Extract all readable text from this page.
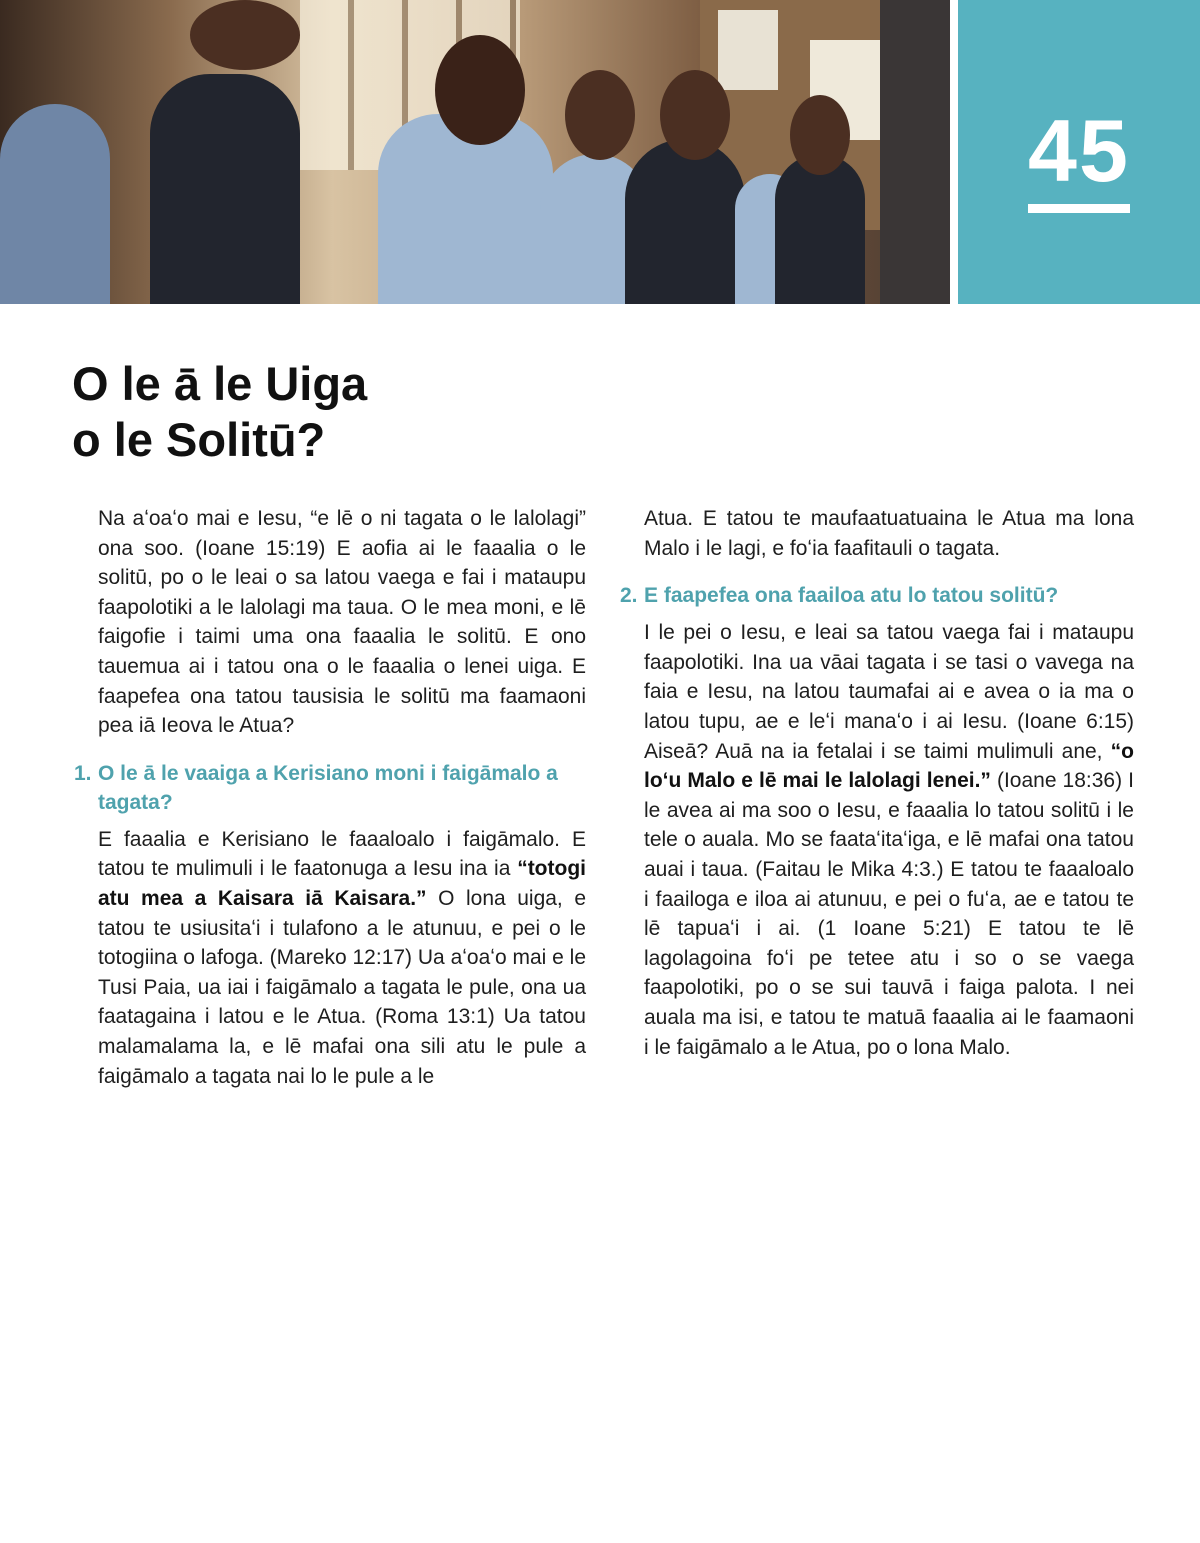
45
O le ā le Uiga
o le Solitū?

Na aʻoaʻo mai e Iesu, “e lē o ni tagata o le lalolagi” ona soo. (Ioane 15:19) E aofia ai le faaalia o le solitū, po o le leai o sa latou vaega e fai i mataupu faapolotiki a le lalolagi ma taua. O le mea moni, e lē faigofie i taimi uma ona faaalia le solitū. E ono tauemua ai i tatou ona o le faaalia o lenei uiga. E faapefea ona tatou tausisia le solitū ma faamaoni pea iā Ieova le Atua?

1. O le ā le vaaiga a Kerisiano moni i faigāmalo a tagata?

E faaalia e Kerisiano le faaaloalo i faigāmalo. E tatou te mulimuli i le faatonuga a Iesu ina ia “totogi atu mea a Kaisara iā Kaisara.” O lona uiga, e tatou te usiusitaʻi i tulafono a le atunuu, e pei o le totogiina o lafoga. (Mareko 12:17) Ua aʻoaʻo mai e le Tusi Paia, ua iai i faigāmalo a tagata le pule, ona ua faatagaina i latou e le Atua. (Roma 13:1) Ua tatou malamalama la, e lē mafai ona sili atu le pule a faigāmalo a tagata nai lo le pule a le

Atua. E tatou te maufaatuatuaina le Atua ma lona Malo i le lagi, e foʻia faafitauli o tagata.

2. E faapefea ona faailoa atu lo tatou solitū?

I le pei o Iesu, e leai sa tatou vaega fai i mataupu faapolotiki. Ina ua vāai tagata i se tasi o vavega na faia e Iesu, na latou taumafai ai e avea o ia ma o latou tupu, ae e leʻi manaʻo i ai Iesu. (Ioane 6:15) Aiseā? Auā na ia fetalai i se taimi mulimuli ane, “o loʻu Malo e lē mai le lalolagi lenei.” (Ioane 18:36) I le avea ai ma soo o Iesu, e faaalia lo tatou solitū i le tele o auala. Mo se faataʻitaʻiga, e lē mafai ona tatou auai i taua. (Faitau le Mika 4:3.) E tatou te faaaloalo i faailoga e iloa ai atunuu, e pei o fuʻa, ae e tatou te lē tapuaʻi i ai. (1 Ioane 5:21) E tatou te lē lagolagoina foʻi pe tetee atu i so o se vaega faapolotiki, po o se sui tauvā i faiga palota. I nei auala ma isi, e tatou te matuā faaalia ai le faamaoni i le faigāmalo a le Atua, po o lona Malo.
